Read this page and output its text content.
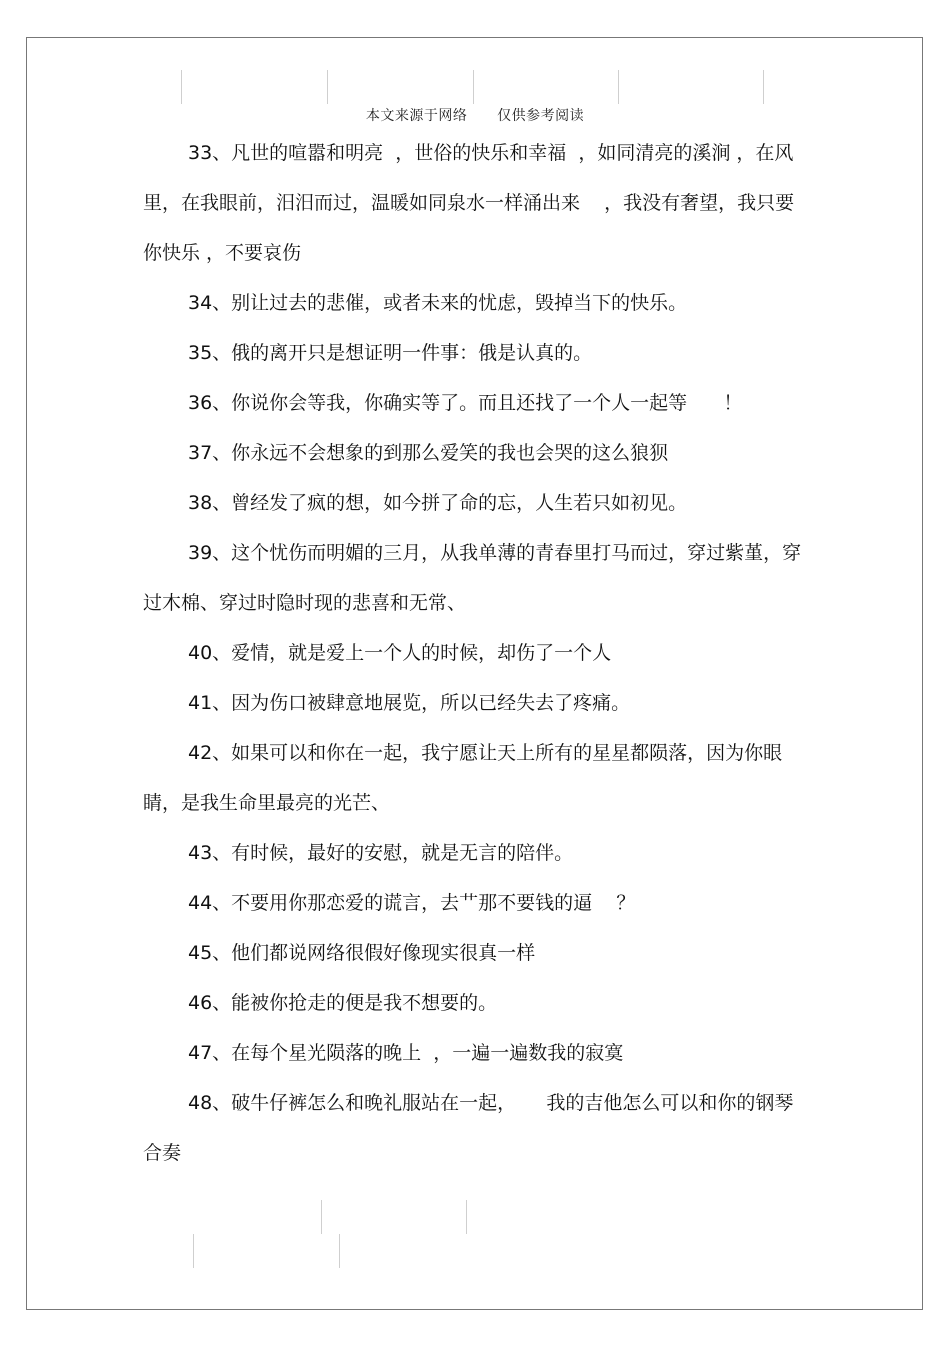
本文来源于网络      仅供参考阅读

33、凡世的喧嚣和明亮  ，世俗的快乐和幸福  ，如同清亮的溪涧 ，在风里，在我眼前，汨汨而过，温暖如同泉水一样涌出来    ，我没有奢望，我只要你快乐 ，不要哀伤

34、别让过去的悲催，或者未来的忧虑，毁掉当下的快乐。

35、俄的离开只是想证明一件事：俄是认真的。

36、你说你会等我，你确实等了。而且还找了一个人一起等      ！

37、你永远不会想象的到那么爱笑的我也会哭的这么狼狈

38、曾经发了疯的想，如今拼了命的忘，人生若只如初见。

39、这个忧伤而明媚的三月，从我单薄的青春里打马而过，穿过紫堇，穿过木棉、穿过时隐时现的悲喜和无常、

40、爱情，就是爱上一个人的时候，却伤了一个人

41、因为伤口被肆意地展览，所以已经失去了疼痛。

42、如果可以和你在一起，我宁愿让天上所有的星星都陨落，因为你眼睛，是我生命里最亮的光芒、

43、有时候，最好的安慰，就是无言的陪伴。

44、不要用你那恋爱的谎言，去艹那不要钱的逼    ？

45、他们都说网络很假好像现实很真一样

46、能被你抢走的便是我不想要的。

47、在每个星光陨落的晚上  ，一遍一遍数我的寂寞

48、破牛仔裤怎么和晚礼服站在一起，     我的吉他怎么可以和你的钢琴合奏
